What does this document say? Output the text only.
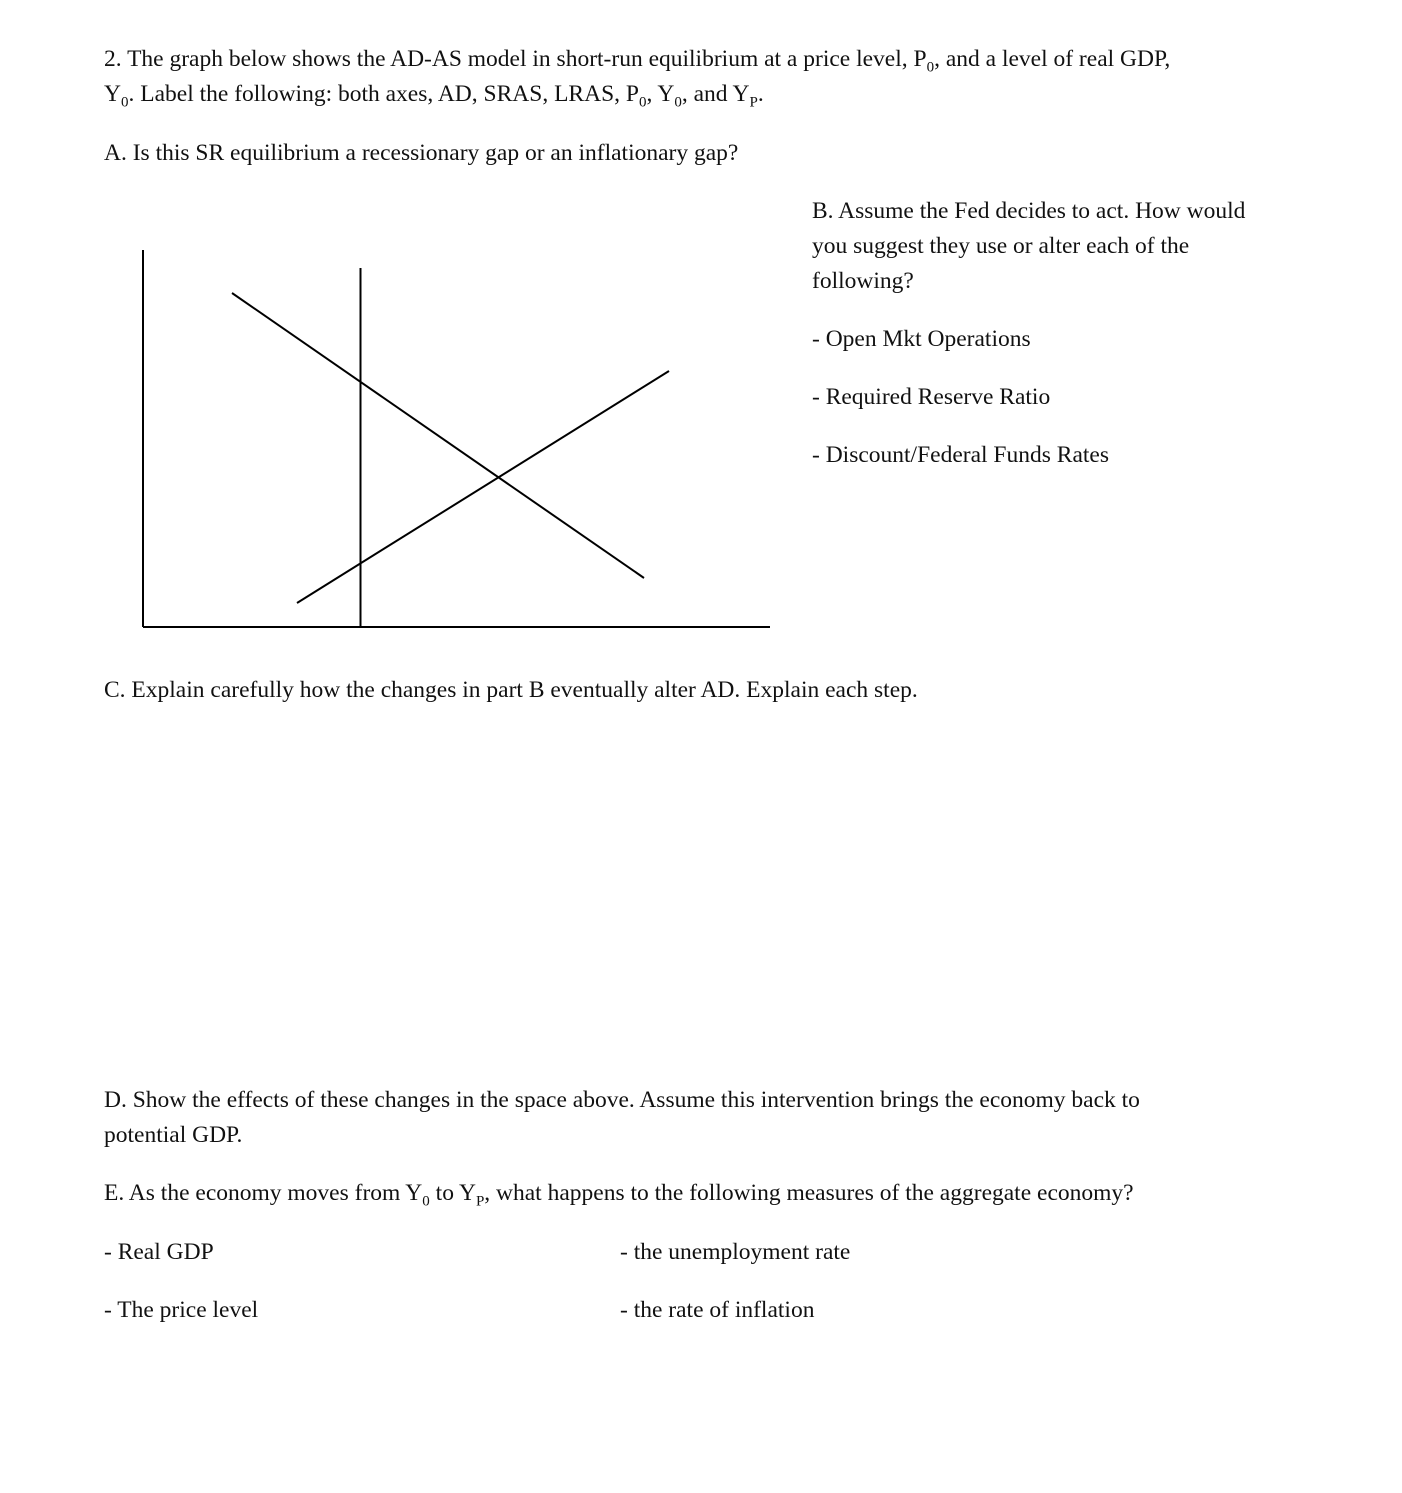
2. The graph below shows the AD-AS model in short-run equilibrium at a price level, $P_0$, and a level of real GDP,
$Y_0$. Label the following: both axes, AD, SRAS, LRAS, $P_0$, $Y_0$, and $Y_P$.
A. Is this SR equilibrium a recessionary gap or an inflationary gap?
B. Assume the Fed decides to act. How would
you suggest they use or alter each of the
following?
- Open Mkt Operations
- Required Reserve Ratio
- Discount/Federal Funds Rates
C. Explain carefully how the changes in part B eventually alter AD. Explain each step.
D. Show the effects of these changes in the space above. Assume this intervention brings the economy back to
potential GDP.
E. As the economy moves from $Y_0$ to $Y_P$, what happens to the following measures of the aggregate economy?
- Real GDP
- The price level
- the unemployment rate
- the rate of inflation
